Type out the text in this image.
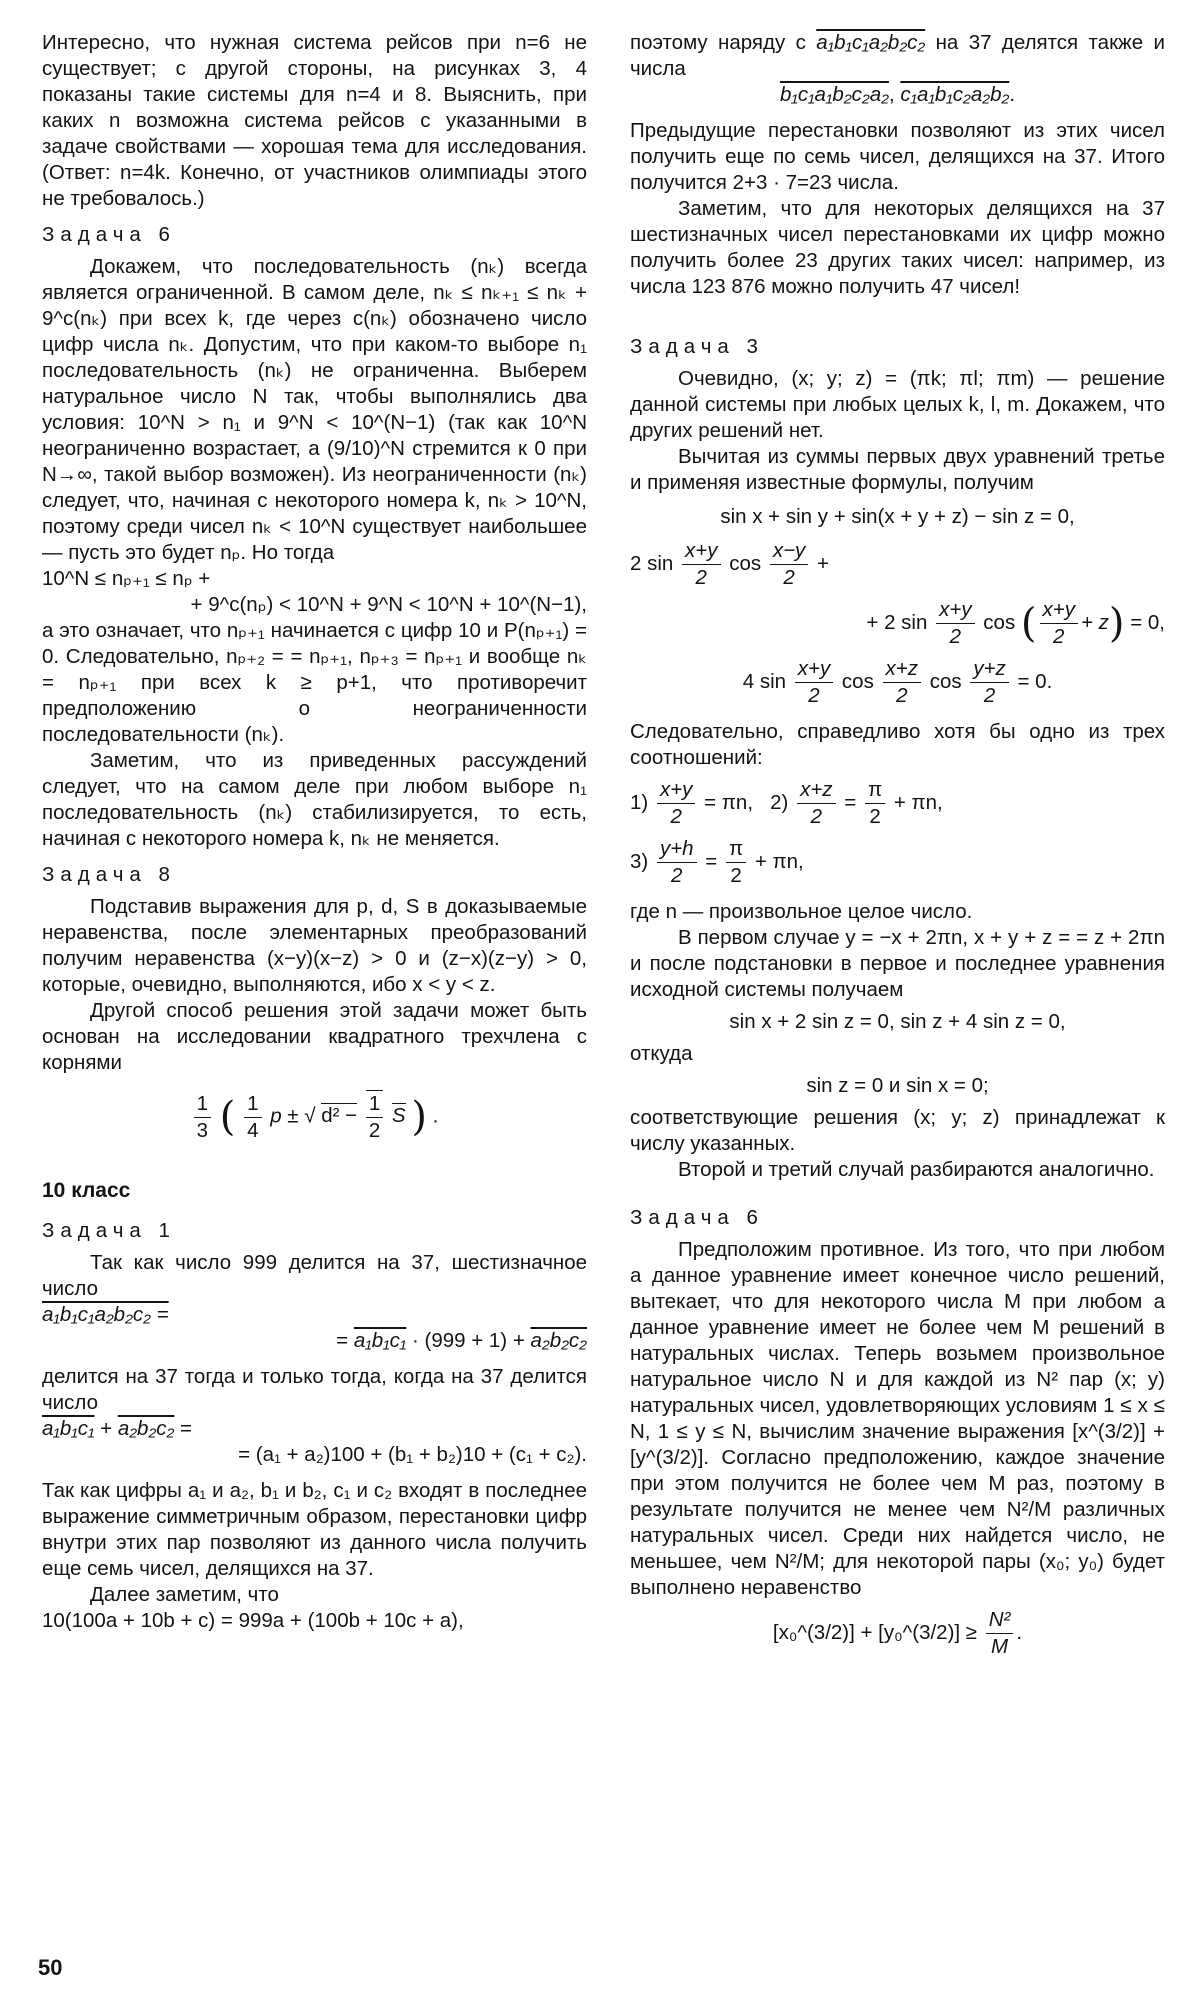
Интересно, что нужная система рейсов при n=6 не существует; с другой стороны, на рисунках 3, 4 показаны такие системы для n=4 и 8. Выяснить, при каких n возможна система рейсов с указанными в задаче свойствами — хорошая тема для исследования. (Ответ: n=4k. Конечно, от участников олимпиады этого не требовалось.)

Задача 6

Докажем, что последовательность (nₖ) всегда является ограниченной. В самом деле, nₖ ≤ nₖ₊₁ ≤ nₖ + 9^c(nₖ) при всех k, где через c(nₖ) обозначено число цифр числа nₖ. Допустим, что при каком-то выборе n₁ последовательность (nₖ) не ограниченна. Выберем натуральное число N так, чтобы выполнялись два условия: 10^N > n₁ и 9^N < 10^(N−1) (так как 10^N неограниченно возрастает, а (9/10)^N стремится к 0 при N→∞, такой выбор возможен). Из неограниченности (nₖ) следует, что, начиная с некоторого номера k, nₖ > 10^N, поэтому среди чисел nₖ < 10^N существует наибольшее — пусть это будет nₚ. Но тогда

10^N ≤ nₚ₊₁ ≤ nₚ +
+ 9^c(nₚ) < 10^N + 9^N < 10^N + 10^(N−1),

а это означает, что nₚ₊₁ начинается с цифр 10 и P(nₚ₊₁) = 0. Следовательно, nₚ₊₂ = = nₚ₊₁, nₚ₊₃ = nₚ₊₁ и вообще nₖ = nₚ₊₁ при всех k ≥ p+1, что противоречит предположению о неограниченности последовательности (nₖ).

Заметим, что из приведенных рассуждений следует, что на самом деле при любом выборе n₁ последовательность (nₖ) стабилизируется, то есть, начиная с некоторого номера k, nₖ не меняется.

Задача 8

Подставив выражения для p, d, S в доказываемые неравенства, после элементарных преобразований получим неравенства (x−y)(x−z) > 0 и (z−x)(z−y) > 0, которые, очевидно, выполняются, ибо x < y < z.

Другой способ решения этой задачи может быть основан на исследовании квадратного трехчлена с корнями

$\frac{1}{3}$ ( $\frac{1}{4}$ p ± √ $d^2 - \frac{1}{2}$ S ) .
10 класс
Задача 1

Так как число 999 делится на 37, шестизначное число

a₁b₁c₁a₂b₂c₂ =
= a₁b₁c₁ · (999 + 1) + a₂b₂c₂

делится на 37 тогда и только тогда, когда на 37 делится число

a₁b₁c₁ + a₂b₂c₂ =
= (a₁ + a₂)100 + (b₁ + b₂)10 + (c₁ + c₂).

Так как цифры a₁ и a₂, b₁ и b₂, c₁ и c₂ входят в последнее выражение симметричным образом, перестановки цифр внутри этих пар позволяют из данного числа получить еще семь чисел, делящихся на 37.

Далее заметим, что

10(100a + 10b + c) = 999a + (100b + 10c + a),

поэтому наряду с a₁b₁c₁a₂b₂c₂ на 37 делятся также и числа

b₁c₁a₁b₂c₂a₂, c₁a₁b₁c₂a₂b₂.

Предыдущие перестановки позволяют из этих чисел получить еще по семь чисел, делящихся на 37. Итого получится 2+3 · 7=23 числа.

Заметим, что для некоторых делящихся на 37 шестизначных чисел перестановками их цифр можно получить более 23 других таких чисел: например, из числа 123 876 можно получить 47 чисел!

Задача 3

Очевидно, (x; y; z) = (πk; πl; πm) — решение данной системы при любых целых k, l, m. Докажем, что других решений нет.

Вычитая из суммы первых двух уравнений третье и применяя известные формулы, получим

sin x + sin y + sin(x + y + z) − sin z = 0,
2 $\sin \frac{x+y}{2}$ $\cos \frac{x-y}{2}$ +
+ 2 $\sin \frac{x+y}{2}$ cos ( $\frac{x+y}{2} + z) = 0$,
4 $\sin \frac{x+y}{2}$ $\cos \frac{x+z}{2}$ $\cos \frac{y+z}{2} = 0$.

Следовательно, справедливо хотя бы одно из трех соотношений:

$1) \frac{x+y}{2} = \pi n$, $2) \frac{x+z}{2} = \frac{\pi}{2} + \pi n$,
$3) \frac{y+h}{2} = \frac{\pi}{2} + \pi n$,

где n — произвольное целое число.

В первом случае y = −x + 2πn, x + y + z = = z + 2πn и после подстановки в первое и последнее уравнения исходной системы получаем

sin x + 2 sin z = 0, sin z + 4 sin z = 0,

откуда

sin z = 0 и sin x = 0;

соответствующие решения (x; y; z) принадлежат к числу указанных.

Второй и третий случай разбираются аналогично.

Задача 6

Предположим противное. Из того, что при любом a данное уравнение имеет конечное число решений, вытекает, что для некоторого числа M при любом a данное уравнение имеет не более чем M решений в натуральных числах. Теперь возьмем произвольное натуральное число N и для каждой из N² пар (x; y) натуральных чисел, удовлетворяющих условиям 1 ≤ x ≤ N, 1 ≤ y ≤ N, вычислим значение выражения [x^(3/2)] + [y^(3/2)]. Согласно предположению, каждое значение при этом получится не более чем M раз, поэтому в результате получится не менее чем N²/M различных натуральных чисел. Среди них найдется число, не меньшее, чем N²/M; для некоторой пары (x₀; y₀) будет выполнено неравенство

[x₀^(3/2)] + [y₀^(3/2)] ≥ $\frac{\text{N²}}{M}$ .
50
